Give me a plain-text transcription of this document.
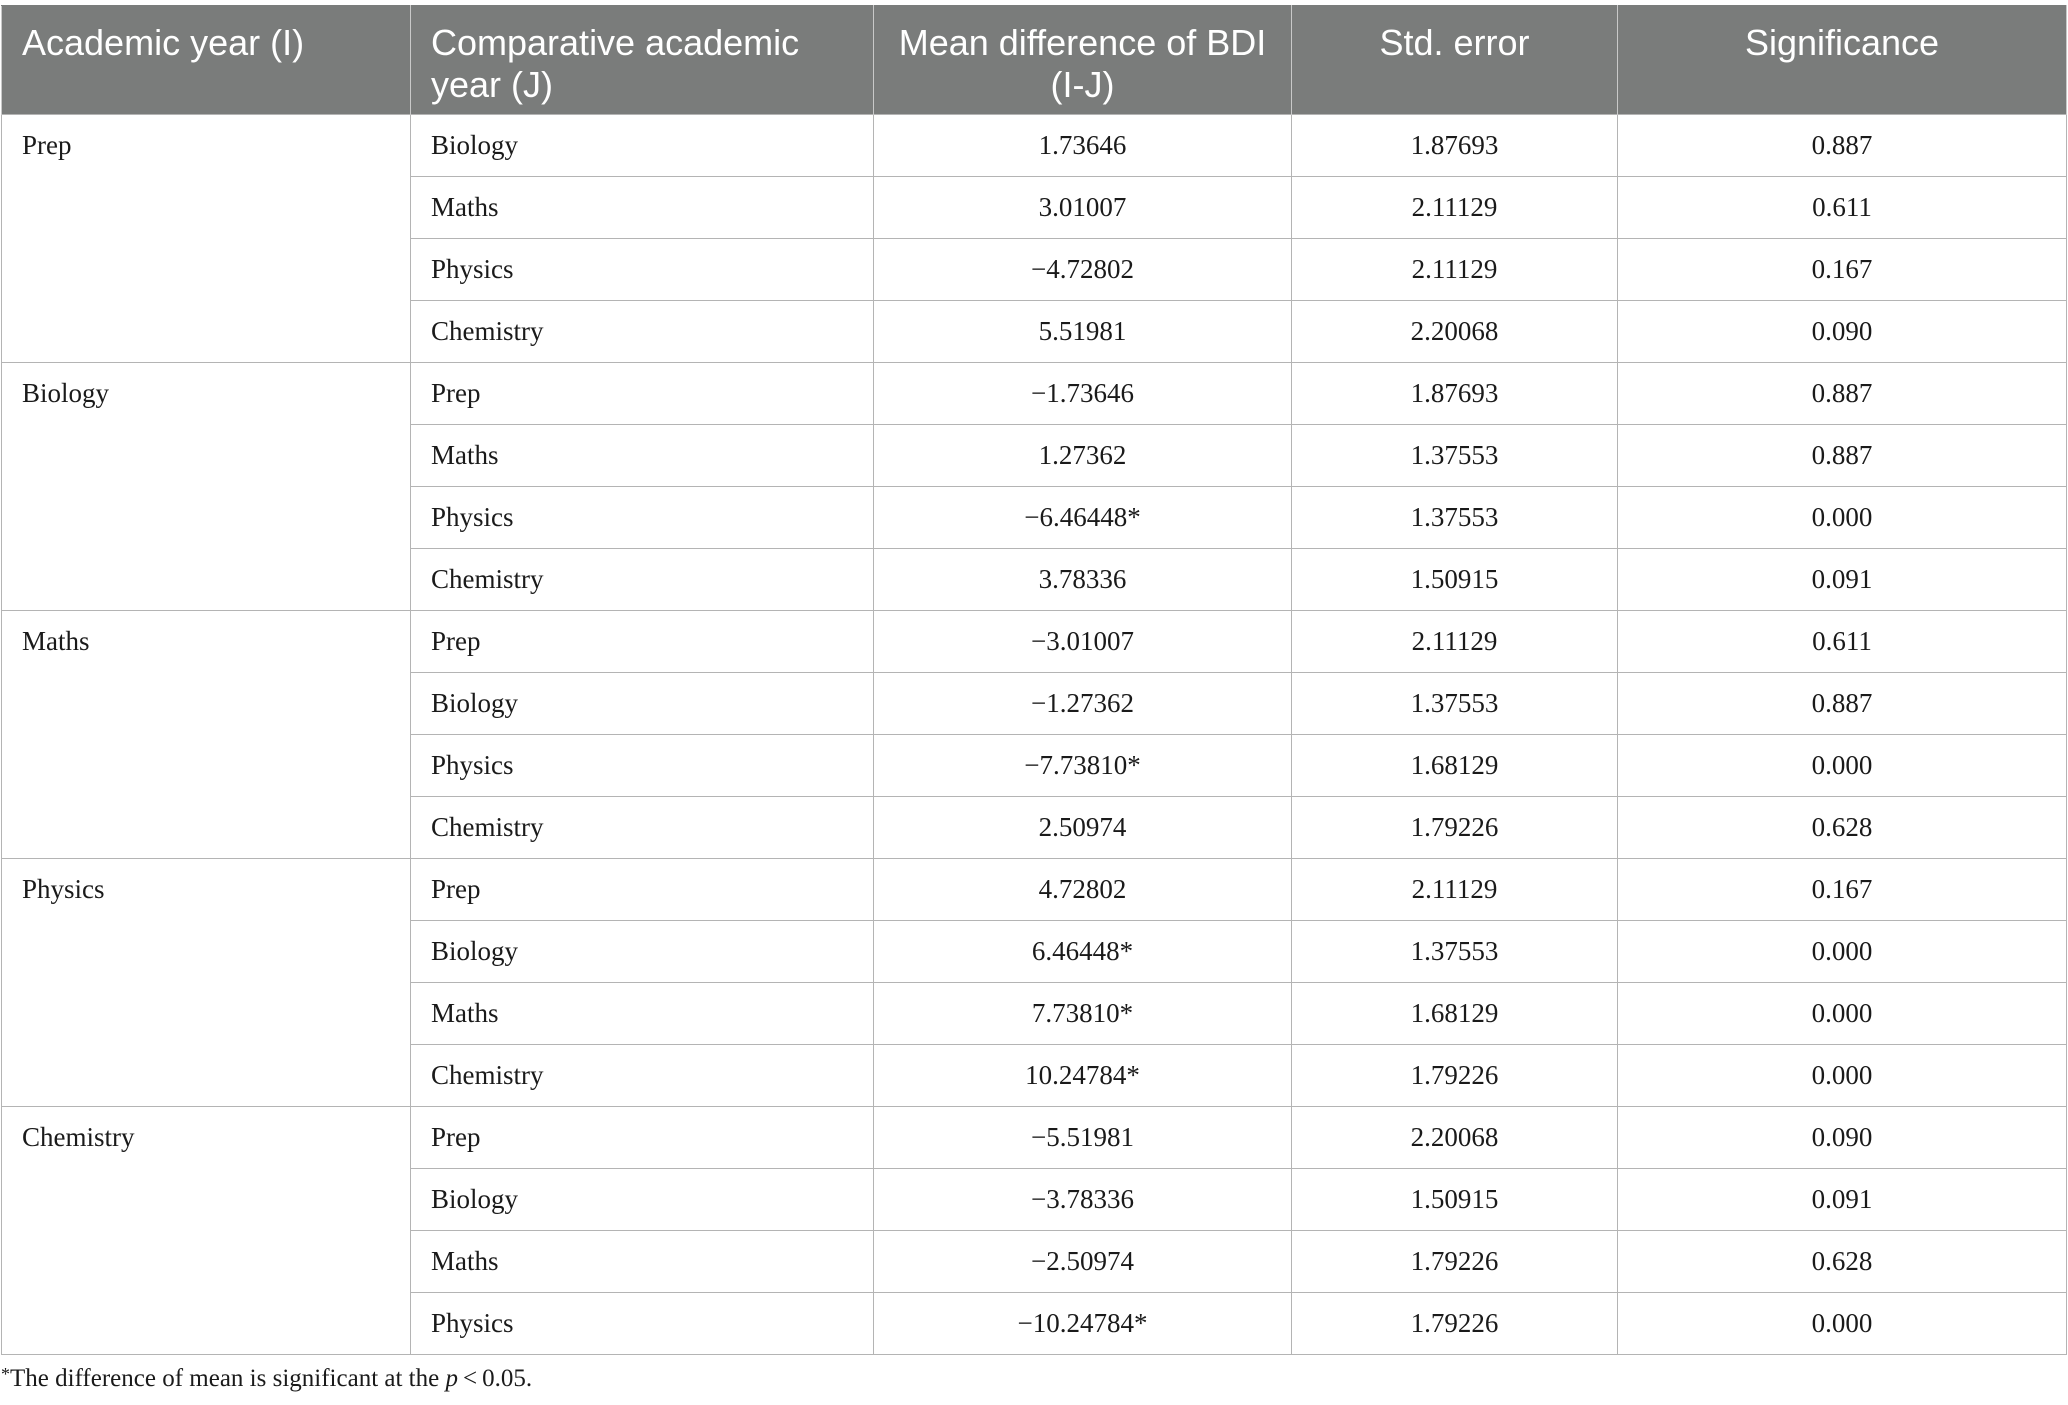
Academic year (I)	Comparative academic year (J)	Mean difference of BDI (I-J)	Std. error	Significance
Prep	Biology	1.73646	1.87693	0.887
	Maths	3.01007	2.11129	0.611
	Physics	−4.72802	2.11129	0.167
	Chemistry	5.51981	2.20068	0.090
Biology	Prep	−1.73646	1.87693	0.887
	Maths	1.27362	1.37553	0.887
	Physics	−6.46448*	1.37553	0.000
	Chemistry	3.78336	1.50915	0.091
Maths	Prep	−3.01007	2.11129	0.611
	Biology	−1.27362	1.37553	0.887
	Physics	−7.73810*	1.68129	0.000
	Chemistry	2.50974	1.79226	0.628
Physics	Prep	4.72802	2.11129	0.167
	Biology	6.46448*	1.37553	0.000
	Maths	7.73810*	1.68129	0.000
	Chemistry	10.24784*	1.79226	0.000
Chemistry	Prep	−5.51981	2.20068	0.090
	Biology	−3.78336	1.50915	0.091
	Maths	−2.50974	1.79226	0.628
	Physics	−10.24784*	1.79226	0.000
*The difference of mean is significant at the p < 0.05.
